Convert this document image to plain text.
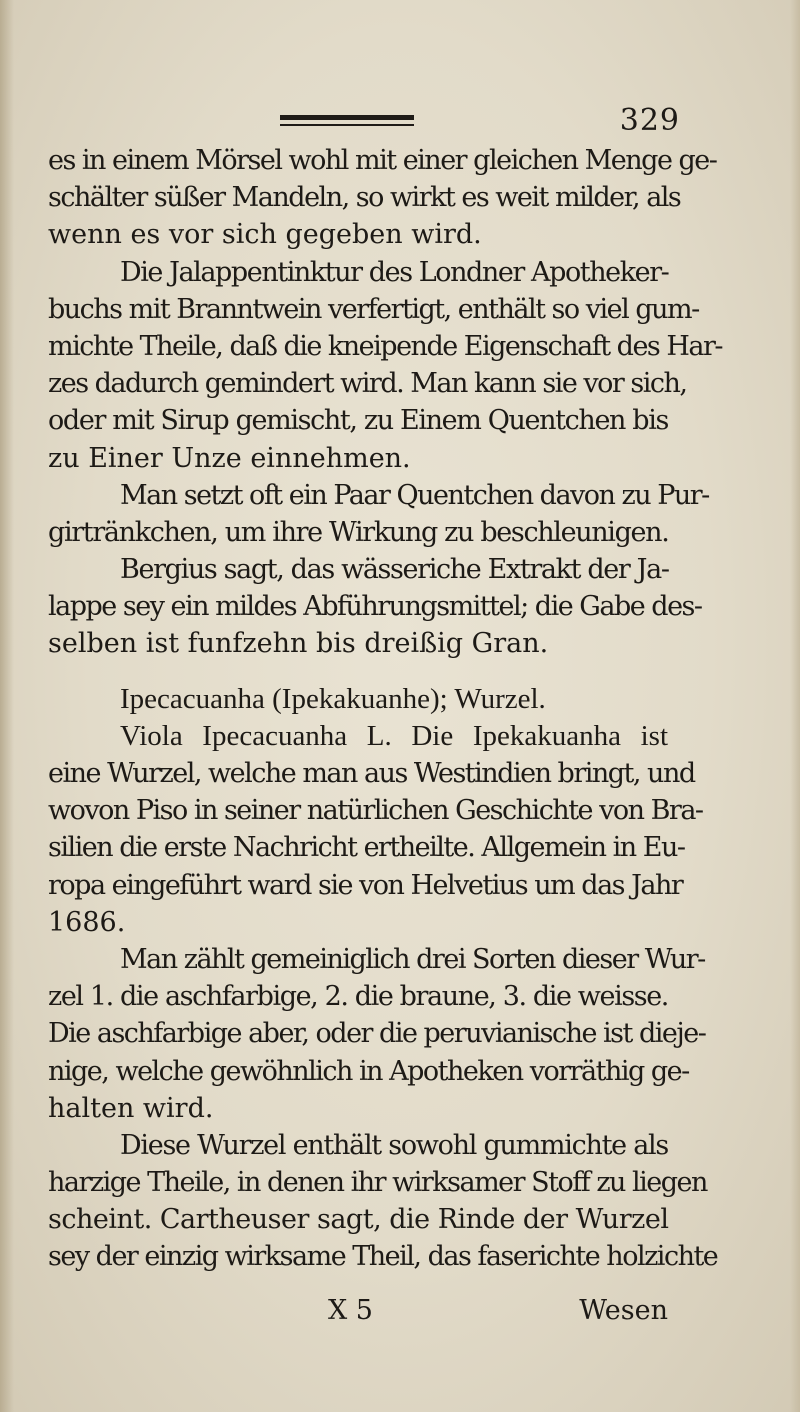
329
es in einem Mörsel wohl mit einer gleichen Menge ge-
schälter süßer Mandeln, so wirkt es weit milder, als
wenn es vor sich gegeben wird.
Die Jalappentinktur des Londner Apotheker-
buchs mit Branntwein verfertigt, enthält so viel gum-
michte Theile, daß die kneipende Eigenschaft des Har-
zes dadurch gemindert wird. Man kann sie vor sich,
oder mit Sirup gemischt, zu Einem Quentchen bis
zu Einer Unze einnehmen.
Man setzt oft ein Paar Quentchen davon zu Pur-
girtränkchen, um ihre Wirkung zu beschleunigen.
Bergius sagt, das wässeriche Extrakt der Ja-
lappe sey ein mildes Abführungsmittel; die Gabe des-
selben ist funfzehn bis dreißig Gran.
Ipecacuanha (Ipekakuanhe); Wurzel.
Viola Ipecacuanha L. Die Ipekakuanha ist
eine Wurzel, welche man aus Westindien bringt, und
wovon Piso in seiner natürlichen Geschichte von Bra-
silien die erste Nachricht ertheilte. Allgemein in Eu-
ropa eingeführt ward sie von Helvetius um das Jahr
1686.
Man zählt gemeiniglich drei Sorten dieser Wur-
zel 1. die aschfarbige, 2. die braune, 3. die weisse.
Die aschfarbige aber, oder die peruvianische ist dieje-
nige, welche gewöhnlich in Apotheken vorräthig ge-
halten wird.
Diese Wurzel enthält sowohl gummichte als
harzige Theile, in denen ihr wirksamer Stoff zu liegen
scheint. Cartheuser sagt, die Rinde der Wurzel
sey der einzig wirksame Theil, das faserichte holzichte
X 5	Wesen
